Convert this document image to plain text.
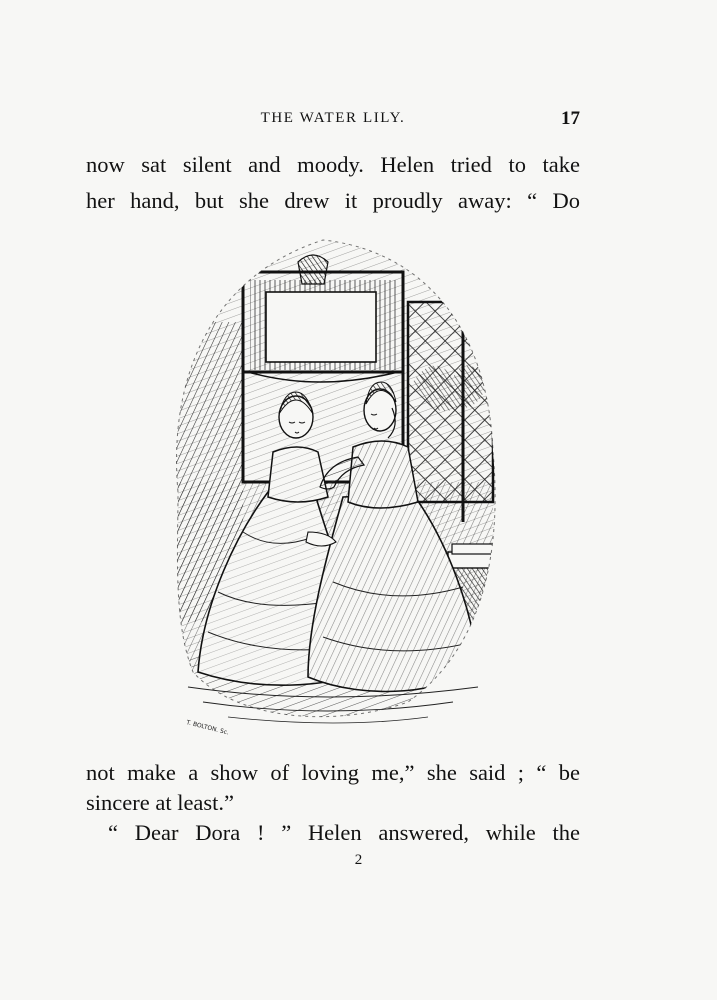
THE WATER LILY.	17
now sat silent and moody. Helen tried to take
her hand, but she drew it proudly away: “ Do
T. BOLTON. Sc.
not make a show of loving me,” she said ; “ be
sincere at least.”
“ Dear Dora ! ” Helen answered, while the
2
